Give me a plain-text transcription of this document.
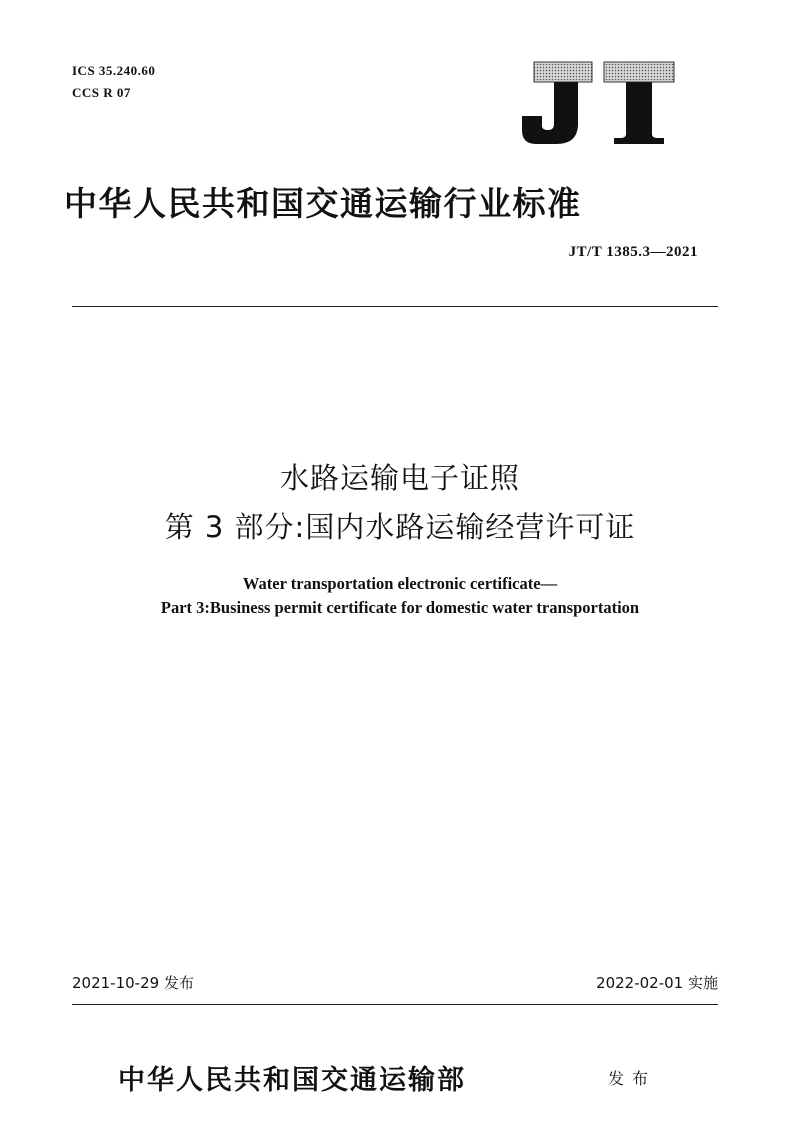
ICS 35.240.60
CCS R 07
中华人民共和国交通运输行业标准
JT/T 1385.3—2021
水路运输电子证照
第 3 部分:国内水路运输经营许可证
Water transportation electronic certificate—
Part 3:Business permit certificate for domestic water transportation
2021-10-29 发布	2022-02-01 实施
中华人民共和国交通运输部	发布
